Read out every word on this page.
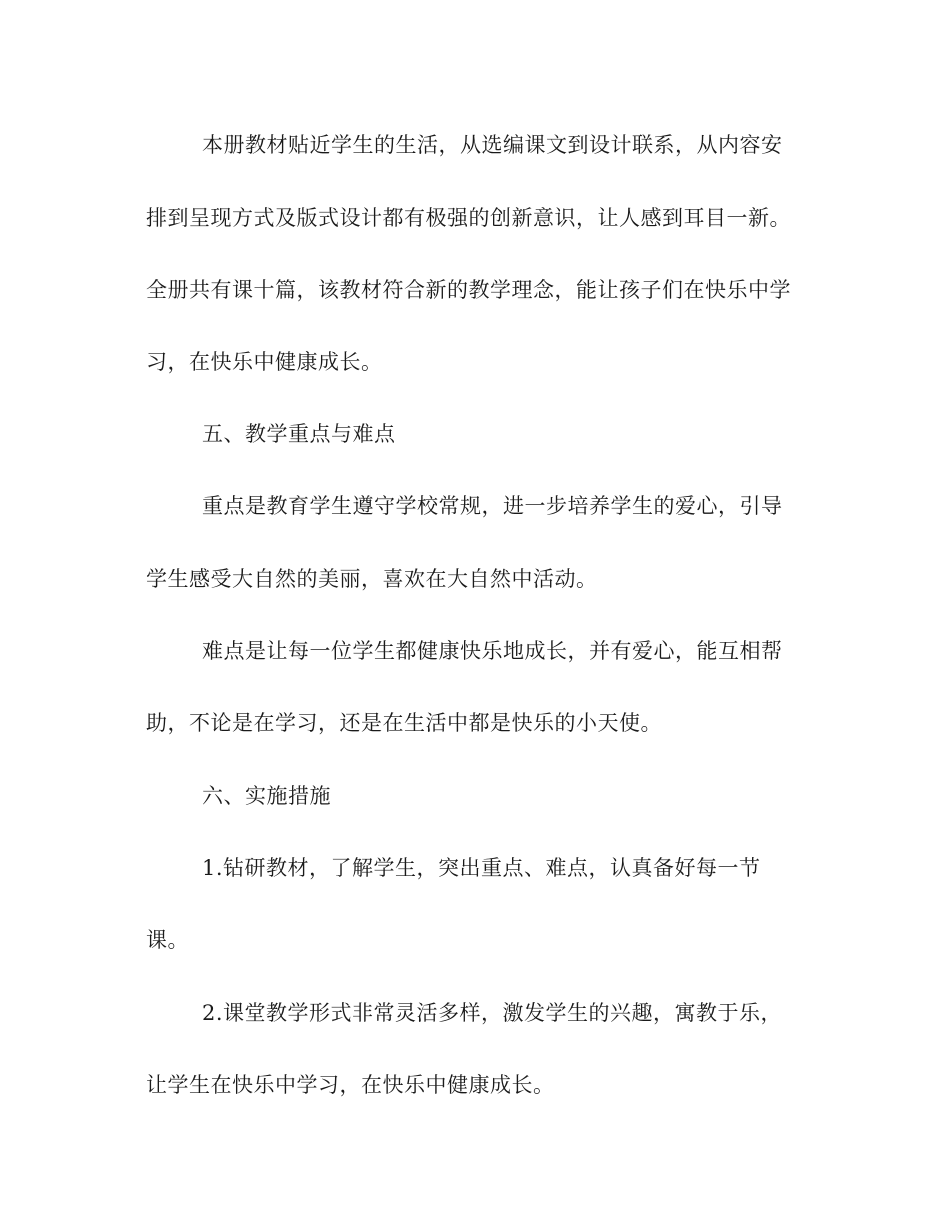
本册教材贴近学生的生活，从选编课文到设计联系，从内容安
排到呈现方式及版式设计都有极强的创新意识，让人感到耳目一新。
全册共有课十篇，该教材符合新的教学理念，能让孩子们在快乐中学
习，在快乐中健康成长。
五、教学重点与难点
重点是教育学生遵守学校常规，进一步培养学生的爱心，引导
学生感受大自然的美丽，喜欢在大自然中活动。
难点是让每一位学生都健康快乐地成长，并有爱心，能互相帮
助，不论是在学习，还是在生活中都是快乐的小天使。
六、实施措施
1.钻研教材，了解学生，突出重点、难点，认真备好每一节
课。
2.课堂教学形式非常灵活多样，激发学生的兴趣，寓教于乐，
让学生在快乐中学习，在快乐中健康成长。
